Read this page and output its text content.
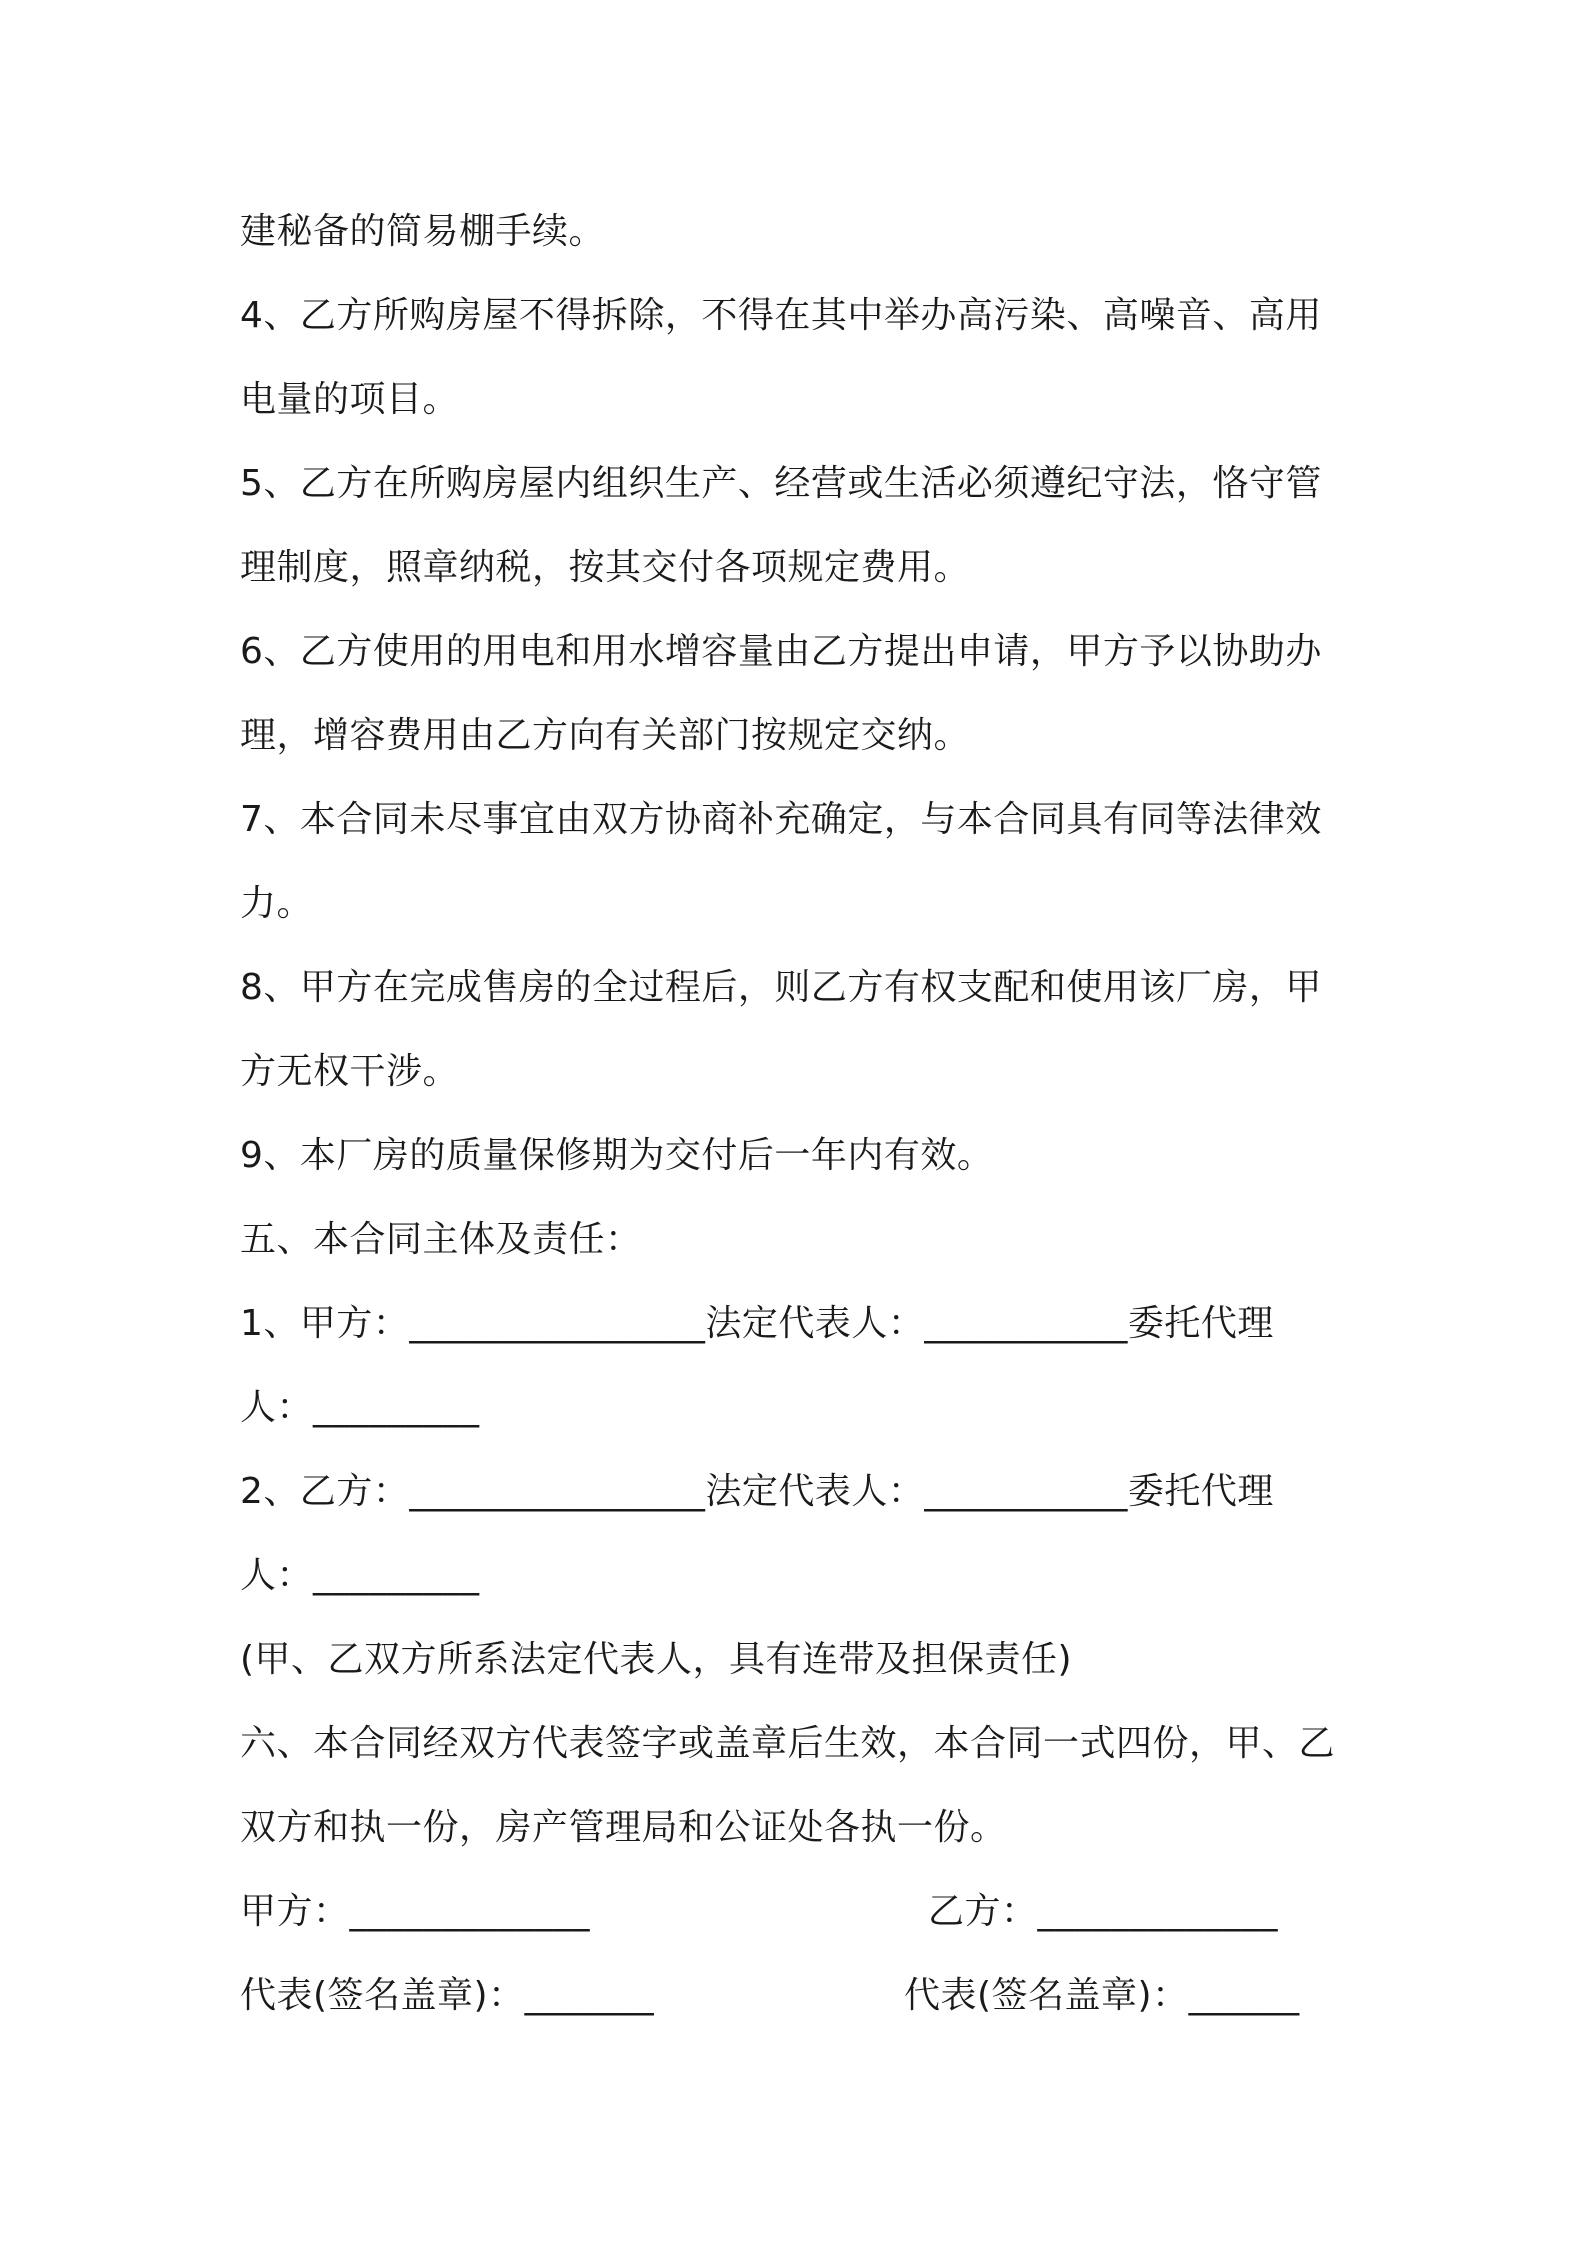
建秘备的简易棚手续。
4、乙方所购房屋不得拆除，不得在其中举办高污染、高噪音、高用
电量的项目。
5、乙方在所购房屋内组织生产、经营或生活必须遵纪守法，恪守管
理制度，照章纳税，按其交付各项规定费用。
6、乙方使用的用电和用水增容量由乙方提出申请，甲方予以协助办
理，增容费用由乙方向有关部门按规定交纳。
7、本合同未尽事宜由双方协商补充确定，与本合同具有同等法律效
力。
8、甲方在完成售房的全过程后，则乙方有权支配和使用该厂房，甲
方无权干涉。
9、本厂房的质量保修期为交付后一年内有效。
五、本合同主体及责任：
1、甲方：________________法定代表人：___________委托代理
人：_________
2、乙方：________________法定代表人：___________委托代理
人：_________
(甲、乙双方所系法定代表人，具有连带及担保责任)
六、本合同经双方代表签字或盖章后生效，本合同一式四份，甲、乙
双方和执一份，房产管理局和公证处各执一份。
甲方：_____________	乙方：_____________
代表(签名盖章)：_______	代表(签名盖章)：______
